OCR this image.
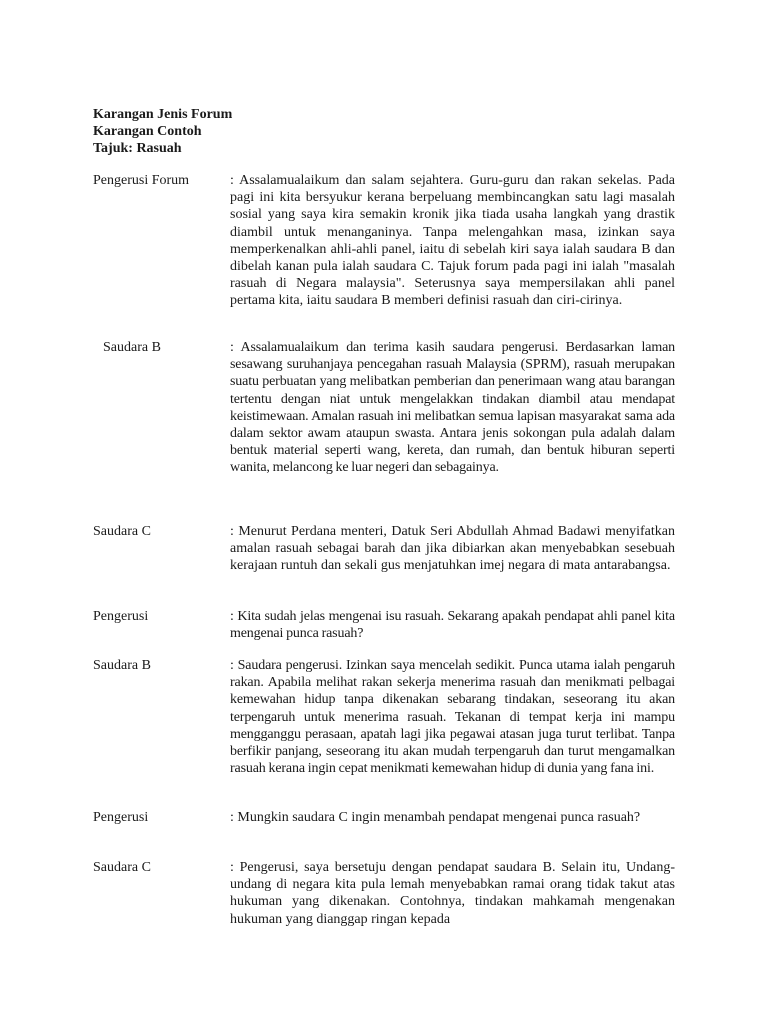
Karangan Jenis Forum
Karangan Contoh
Tajuk: Rasuah
Pengerusi Forum	: Assalamualaikum dan salam sejahtera. Guru-guru dan rakan sekelas. Pada pagi ini kita bersyukur kerana berpeluang membincangkan satu lagi masalah sosial yang saya kira semakin kronik jika tiada usaha langkah yang drastik diambil untuk menanganinya. Tanpa melengahkan masa, izinkan saya memperkenalkan ahli-ahli panel, iaitu di sebelah kiri saya ialah saudara B dan dibelah kanan pula ialah saudara C. Tajuk forum pada pagi ini ialah "masalah rasuah di Negara malaysia". Seterusnya saya mempersilakan ahli panel pertama kita, iaitu saudara B memberi definisi rasuah dan ciri-cirinya.
Saudara B	: Assalamualaikum dan terima kasih saudara pengerusi. Berdasarkan laman sesawang suruhanjaya pencegahan rasuah Malaysia (SPRM), rasuah merupakan suatu perbuatan yang melibatkan pemberian dan penerimaan wang atau barangan tertentu dengan niat untuk mengelakkan tindakan diambil atau mendapat keistimewaan. Amalan rasuah ini melibatkan semua lapisan masyarakat sama ada dalam sektor awam ataupun swasta. Antara jenis sokongan pula adalah dalam bentuk material seperti wang, kereta, dan rumah, dan bentuk hiburan seperti wanita, melancong ke luar negeri dan sebagainya.
Saudara C	: Menurut Perdana menteri, Datuk Seri Abdullah Ahmad Badawi menyifatkan amalan rasuah sebagai barah dan jika dibiarkan akan menyebabkan sesebuah kerajaan runtuh dan sekali gus menjatuhkan imej negara di mata antarabangsa.
Pengerusi	: Kita sudah jelas mengenai isu rasuah. Sekarang apakah pendapat ahli panel kita mengenai punca rasuah?
Saudara B	: Saudara pengerusi. Izinkan saya mencelah sedikit. Punca utama ialah pengaruh rakan. Apabila melihat rakan sekerja menerima rasuah dan menikmati pelbagai kemewahan hidup tanpa dikenakan sebarang tindakan, seseorang itu akan terpengaruh untuk menerima rasuah. Tekanan di tempat kerja ini mampu mengganggu perasaan, apatah lagi jika pegawai atasan juga turut terlibat. Tanpa berfikir panjang, seseorang itu akan mudah terpengaruh dan turut mengamalkan rasuah kerana ingin cepat menikmati kemewahan hidup di dunia yang fana ini.
Pengerusi	: Mungkin saudara C ingin menambah pendapat mengenai punca rasuah?
Saudara C	: Pengerusi, saya bersetuju dengan pendapat saudara B. Selain itu, Undang-undang di negara kita pula lemah menyebabkan ramai orang tidak takut atas hukuman yang dikenakan. Contohnya, tindakan mahkamah mengenakan hukuman yang dianggap ringan kepada
